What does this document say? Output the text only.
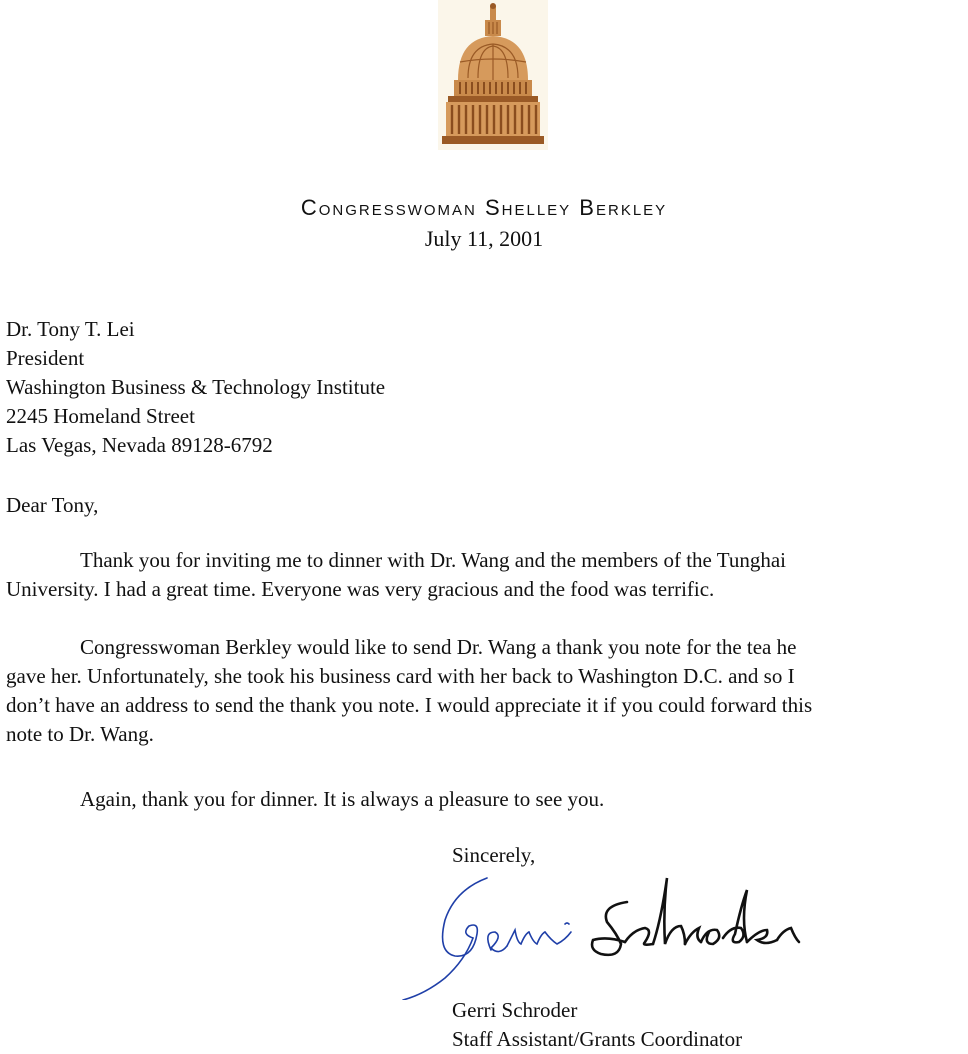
Congresswoman Shelley Berkley
July 11, 2001
Dr. Tony T. Lei
President
Washington Business & Technology Institute
2245 Homeland Street
Las Vegas, Nevada 89128-6792
Dear Tony,
Thank you for inviting me to dinner with Dr. Wang and the members of the Tunghai
University. I had a great time. Everyone was very gracious and the food was terrific.
Congresswoman Berkley would like to send Dr. Wang a thank you note for the tea he
gave her. Unfortunately, she took his business card with her back to Washington D.C. and so I
don’t have an address to send the thank you note. I would appreciate it if you could forward this
note to Dr. Wang.
Again, thank you for dinner. It is always a pleasure to see you.
Sincerely,
Gerri Schroder
Staff Assistant/Grants Coordinator
